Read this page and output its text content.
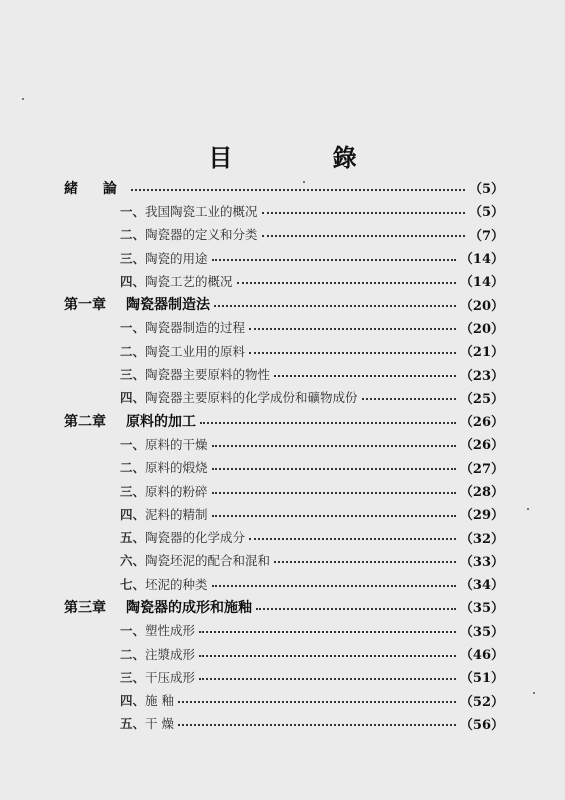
目 錄
緒 論	（5）
一、 我国陶瓷工业的概况	（5）
二、 陶瓷器的定义和分类	（7）
三、 陶瓷的用途	（14）
四、 陶瓷工艺的概况	（14）
第一章	陶瓷器制造法	（20）
一、 陶瓷器制造的过程	（20）
二、 陶瓷工业用的原料	（21）
三、 陶瓷器主要原料的物性	（23）
四、 陶瓷器主要原料的化学成份和礦物成份	（25）
第二章	原料的加工	（26）
一、 原料的干燥	（26）
二、 原料的煅烧	（27）
三、 原料的粉碎	（28）
四、 泥料的精制	（29）
五、 陶瓷器的化学成分	（32）
六、 陶瓷坯泥的配合和混和	（33）
七、 坯泥的种类	（34）
第三章	陶瓷器的成形和施釉	（35）
一、 塑性成形	（35）
二、 注漿成形	（46）
三、 干压成形	（51）
四、 施 釉	（52）
五、 干 燥	（56）
